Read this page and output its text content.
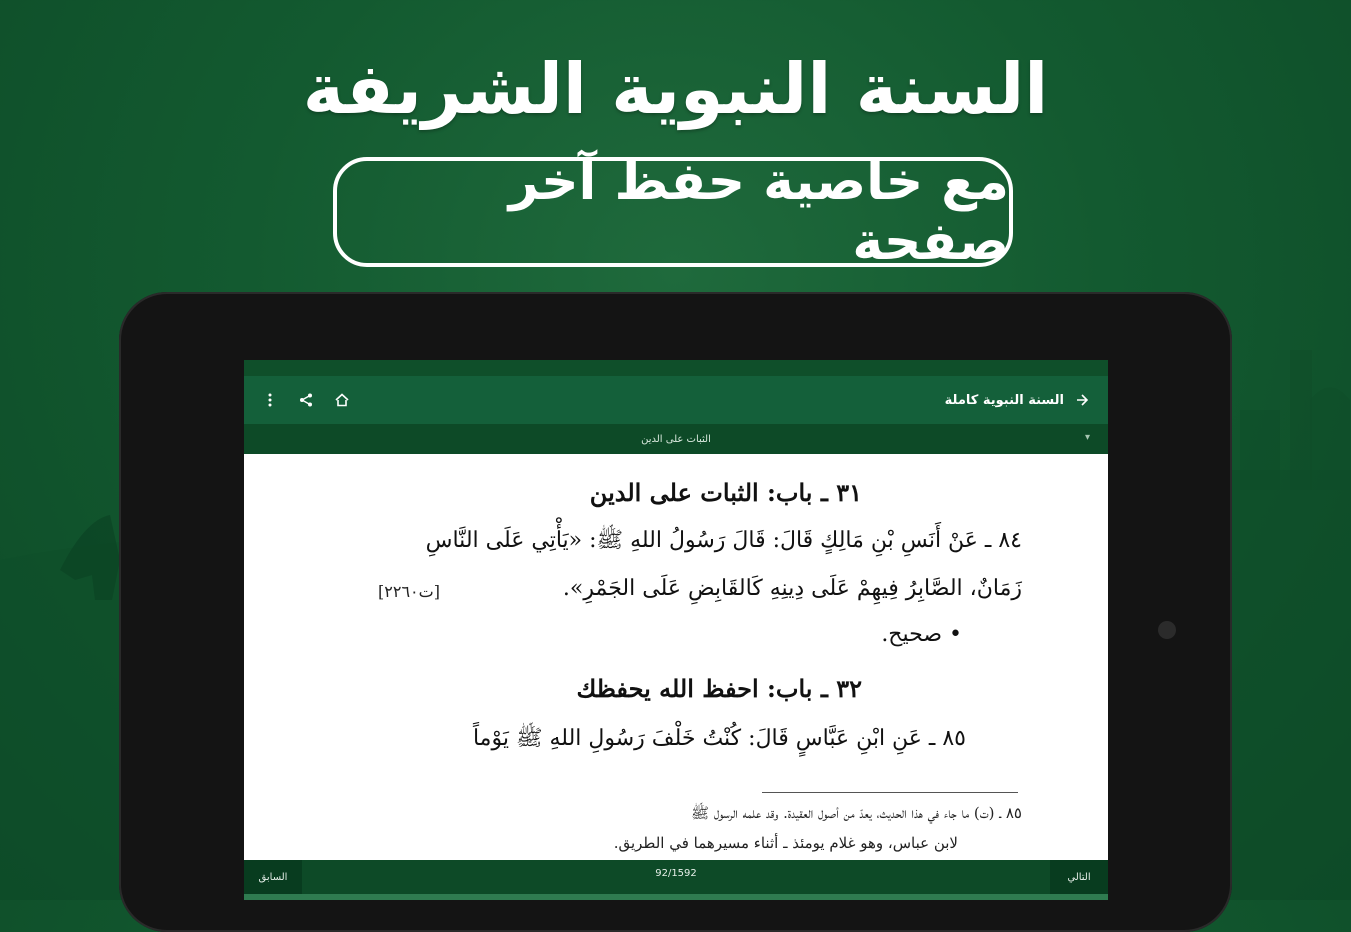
السنة النبوية الشريفة
مع خاصية حفظ آخر صفحة
السنة النبوية كاملة
الثبات على الدين	▾
٣١ ـ باب: الثبات على الدين
٨٤ ـ عَنْ أَنَسِ بْنِ مَالِكٍ قَالَ: قَالَ رَسُولُ اللهِ ﷺ: «يَأْتِي عَلَى النَّاسِ
زَمَانٌ، الصَّابِرُ فِيهِمْ عَلَى دِينِهِ كَالقَابِضِ عَلَى الجَمْرِ».
[ت٢٢٦٠]
• صحيح.
٣٢ ـ باب: احفظ الله يحفظك
٨٥ ـ عَنِ ابْنِ عَبَّاسٍ قَالَ: كُنْتُ خَلْفَ رَسُولِ اللهِ ﷺ يَوْماً
٨٥ ـ (ت) ما جاء في هذا الحديث، يعدّ من أصول العقيدة. وقد علمه الرسول ﷺ
لابن عباس، وهو غلام يومئذ ـ أثناء مسيرهما في الطريق.
السابق	92/1592	التالي
